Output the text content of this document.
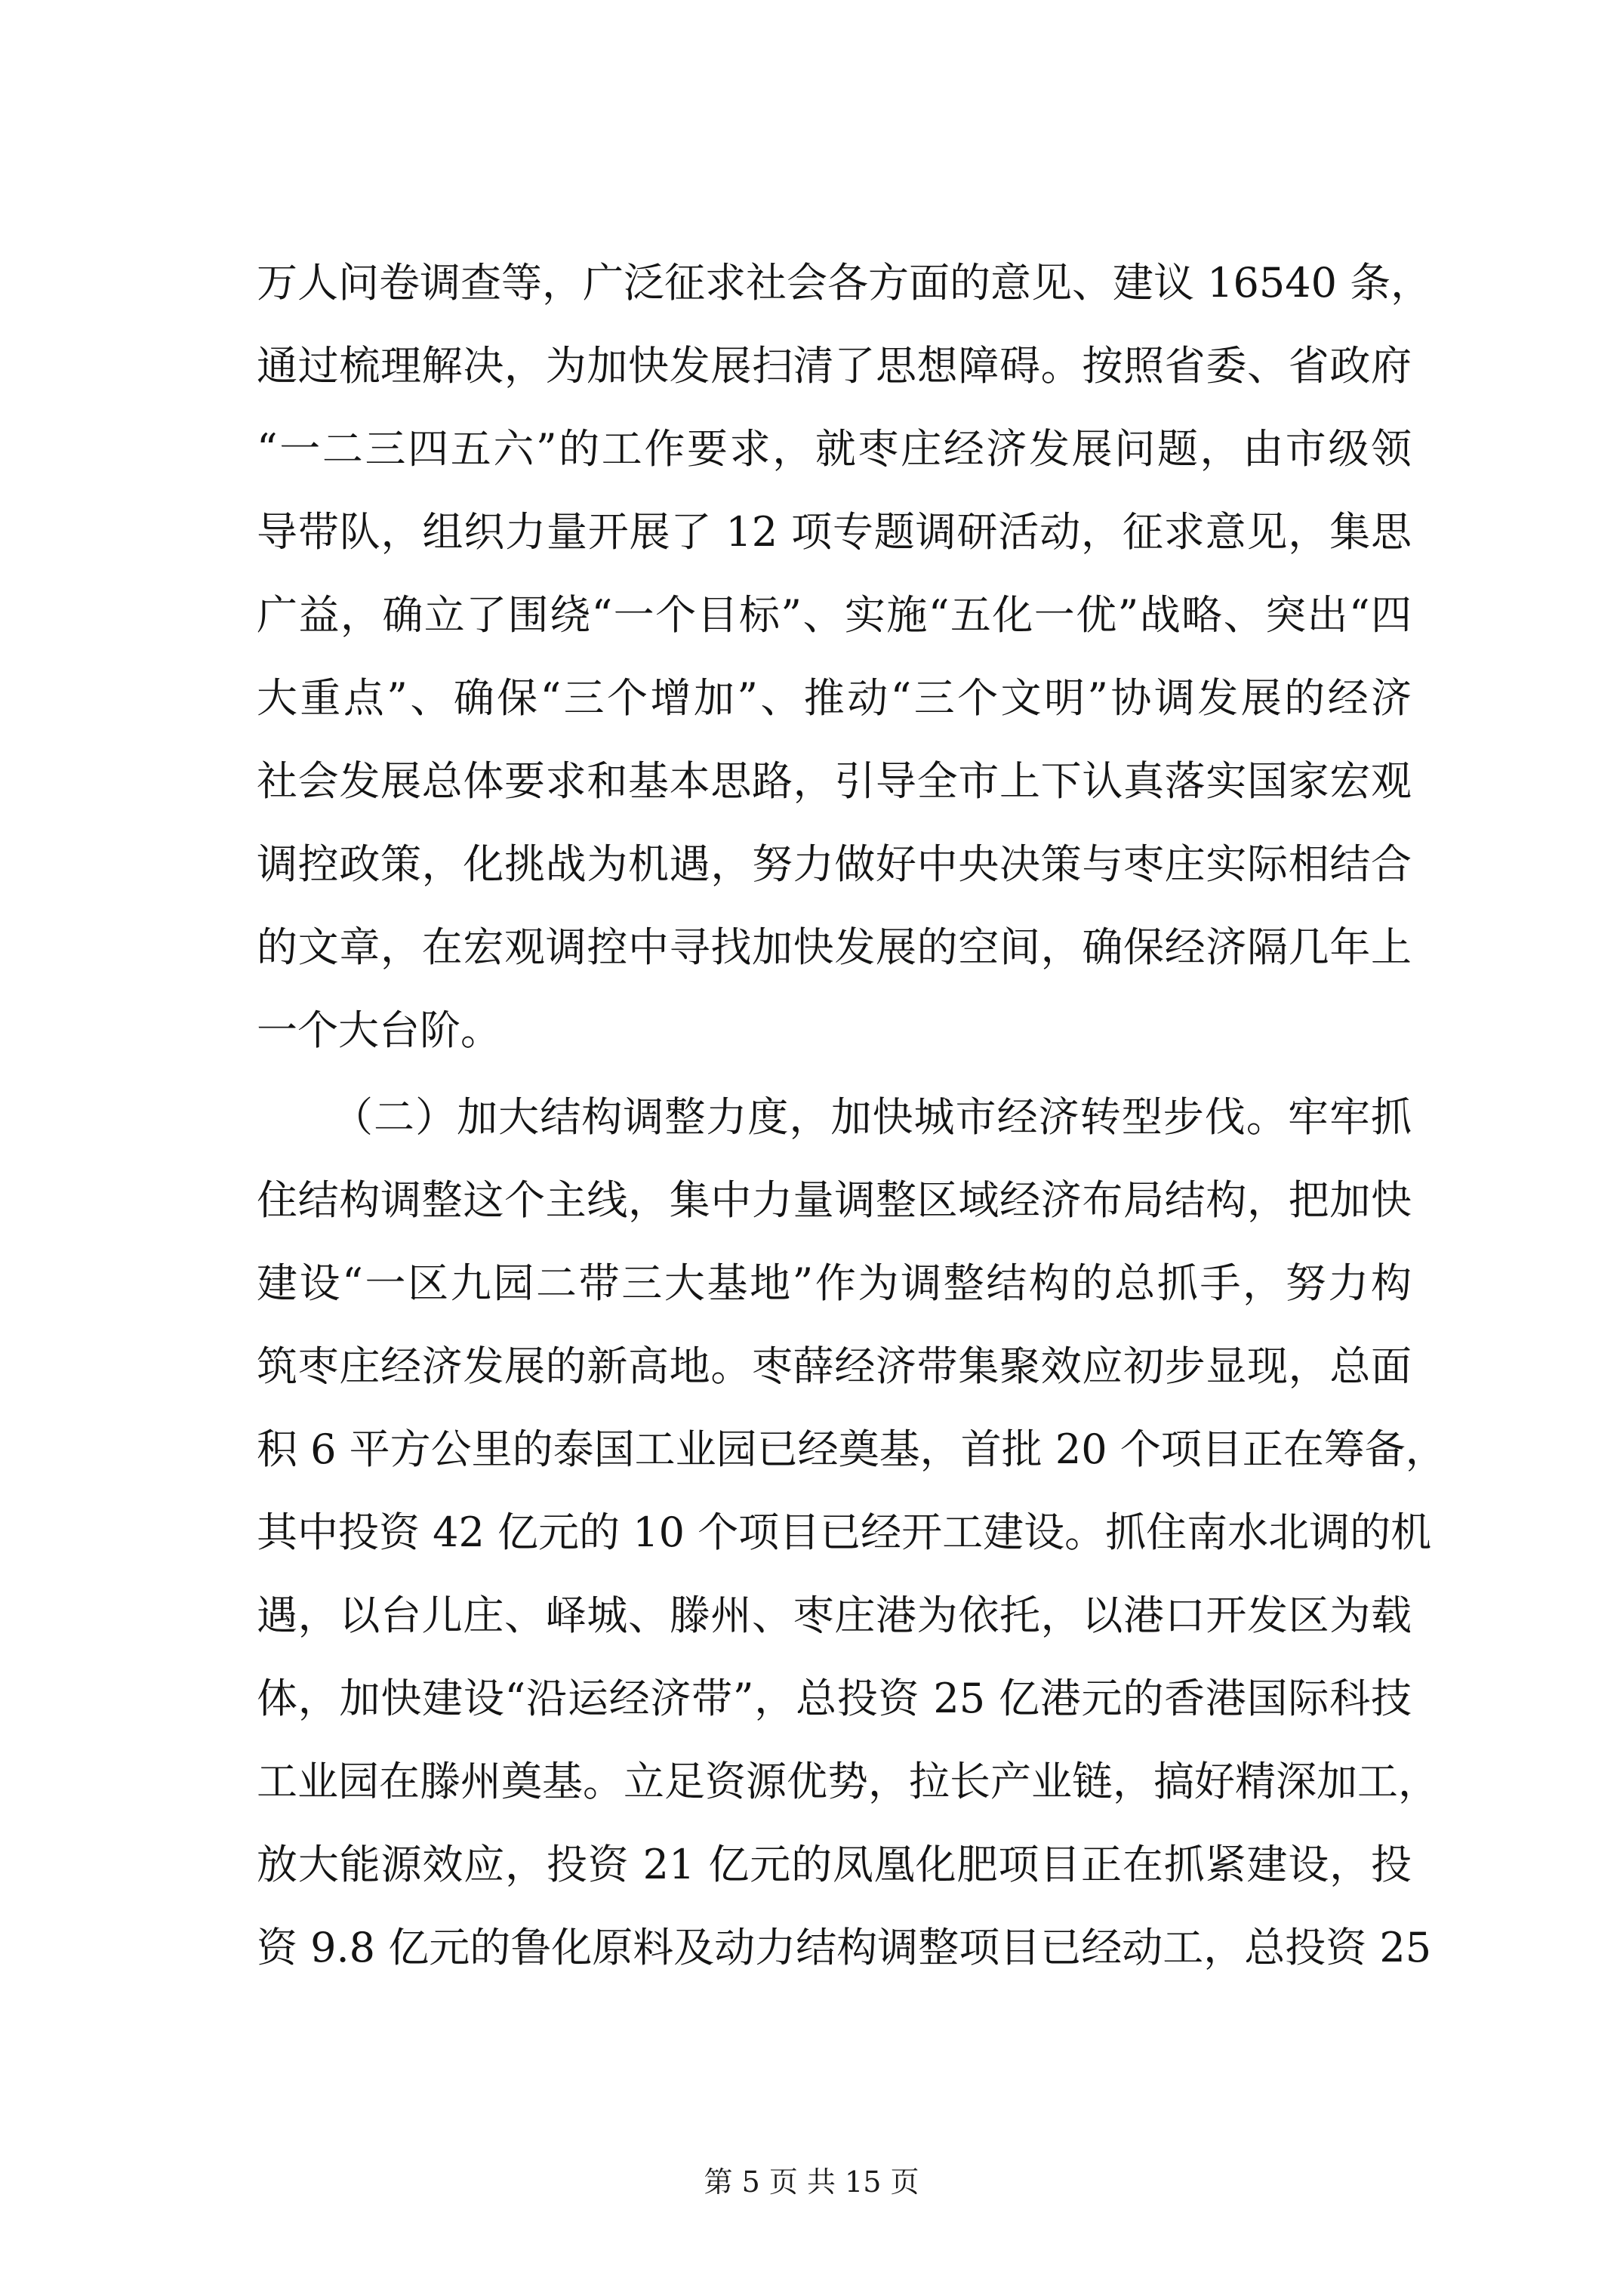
万人问卷调查等，广泛征求社会各方面的意见、建议 16540 条，
通过梳理解决，为加快发展扫清了思想障碍。按照省委、省政府
“一二三四五六”的工作要求，就枣庄经济发展问题，由市级领
导带队，组织力量开展了 12 项专题调研活动，征求意见，集思
广益，确立了围绕“一个目标”、实施“五化一优”战略、突出“四
大重点”、确保“三个增加”、推动“三个文明”协调发展的经济
社会发展总体要求和基本思路，引导全市上下认真落实国家宏观
调控政策，化挑战为机遇，努力做好中央决策与枣庄实际相结合
的文章，在宏观调控中寻找加快发展的空间，确保经济隔几年上
一个大台阶。
（二）加大结构调整力度，加快城市经济转型步伐。牢牢抓
住结构调整这个主线，集中力量调整区域经济布局结构，把加快
建设“一区九园二带三大基地”作为调整结构的总抓手，努力构
筑枣庄经济发展的新高地。枣薛经济带集聚效应初步显现，总面
积 6 平方公里的泰国工业园已经奠基，首批 20 个项目正在筹备，
其中投资 42 亿元的 10 个项目已经开工建设。抓住南水北调的机
遇，以台儿庄、峄城、滕州、枣庄港为依托，以港口开发区为载
体，加快建设“沿运经济带”，总投资 25 亿港元的香港国际科技
工业园在滕州奠基。立足资源优势，拉长产业链，搞好精深加工，
放大能源效应，投资 21 亿元的凤凰化肥项目正在抓紧建设，投
资 9.8 亿元的鲁化原料及动力结构调整项目已经动工，总投资 25
第 5 页 共 15 页
